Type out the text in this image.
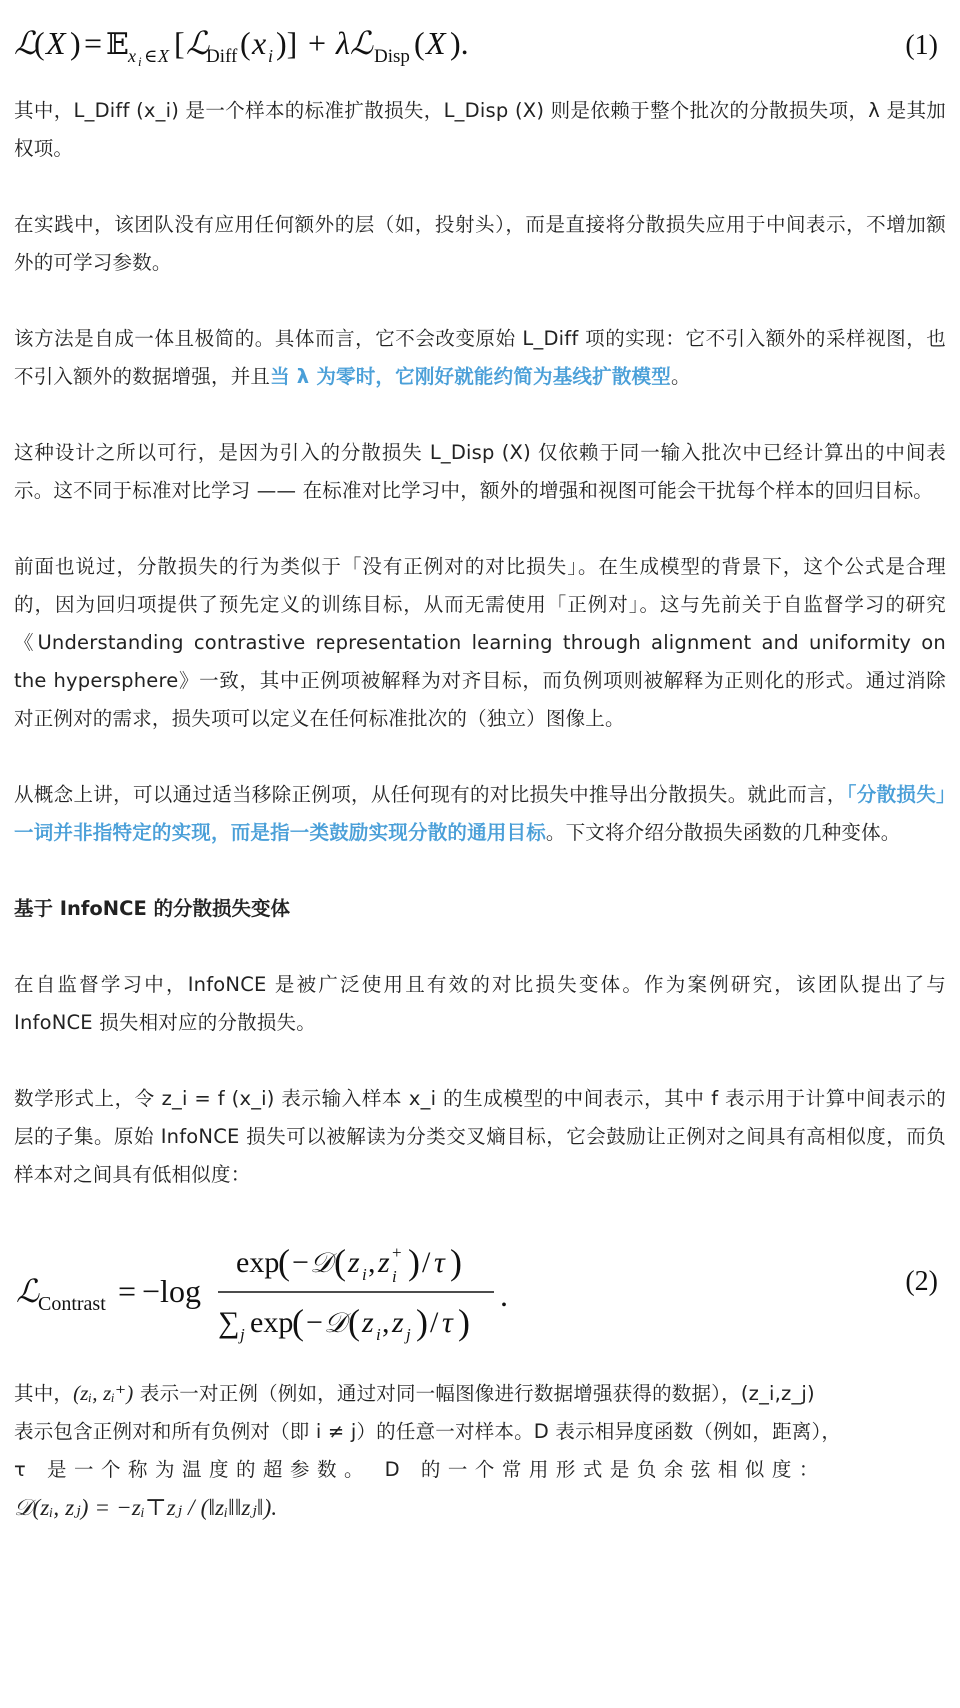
ℒ
( X ) = 𝔼 x i ∈ X [ ℒ
Diff ( x i )] + λℒ Disp ( X ).	(1)

其中，L_Diff (x_i) 是一个样本的标准扩散损失，L_Disp (X) 则是依赖于整个批次的分散损失项，λ 是其加权项。

在实践中，该团队没有应用任何额外的层（如，投射头），而是直接将分散损失应用于中间表示，不增加额外的可学习参数。

该方法是自成一体且极简的。具体而言，它不会改变原始 L_Diff 项的实现：它不引入额外的采样视图，也不引入额外的数据增强，并且当 λ 为零时，它刚好就能约简为基线扩散模型。

这种设计之所以可行，是因为引入的分散损失 L_Disp (X) 仅依赖于同一输入批次中已经计算出的中间表示。这不同于标准对比学习 —— 在标准对比学习中，额外的增强和视图可能会干扰每个样本的回归目标。

前面也说过，分散损失的行为类似于「没有正例对的对比损失」。在生成模型的背景下，这个公式是合理的，因为回归项提供了预先定义的训练目标，从而无需使用「正例对」。这与先前关于自监督学习的研究《Understanding contrastive representation learning through alignment and uniformity on the hypersphere》一致，其中正例项被解释为对齐目标，而负例项则被解释为正则化的形式。通过消除对正例对的需求，损失项可以定义在任何标准批次的（独立）图像上。

从概念上讲，可以通过适当移除正例项，从任何现有的对比损失中推导出分散损失。就此而言，「分散损失」一词并非指特定的实现，而是指一类鼓励实现分散的通用目标。下文将介绍分散损失函数的几种变体。

基于 InfoNCE 的分散损失变体

在自监督学习中，InfoNCE 是被广泛使用且有效的对比损失变体。作为案例研究，该团队提出了与 InfoNCE 损失相对应的分散损失。

数学形式上，令 z_i = f (x_i) 表示输入样本 x_i 的生成模型的中间表示，其中 f 表示用于计算中间表示的层的子集。原始 InfoNCE 损失可以被解读为分类交叉熵目标，它会鼓励让正例对之间具有高相似度，而负样本对之间具有低相似度：

ℒ
Contrast = −log
exp
( − 𝒟 ( z i , z +
i ) / τ )
∑ j exp
( − 𝒟 ( z i , z j ) / τ )
.	(2)

其中，(zᵢ, zᵢ⁺) 表示一对正例（例如，通过对同一幅图像进行数据增强获得的数据），(z_i,z_j)

表示包含正例对和所有负例对（即 i ≠ j）的任意一对样本。D 表示相异度函数（例如，距离），

τ 是一个称为温度的超参数。 D 的一个常用形式是负余弦相似度：

𝒟(zᵢ, zⱼ) = −zᵢ⊤zⱼ / (‖zᵢ‖‖zⱼ‖).
